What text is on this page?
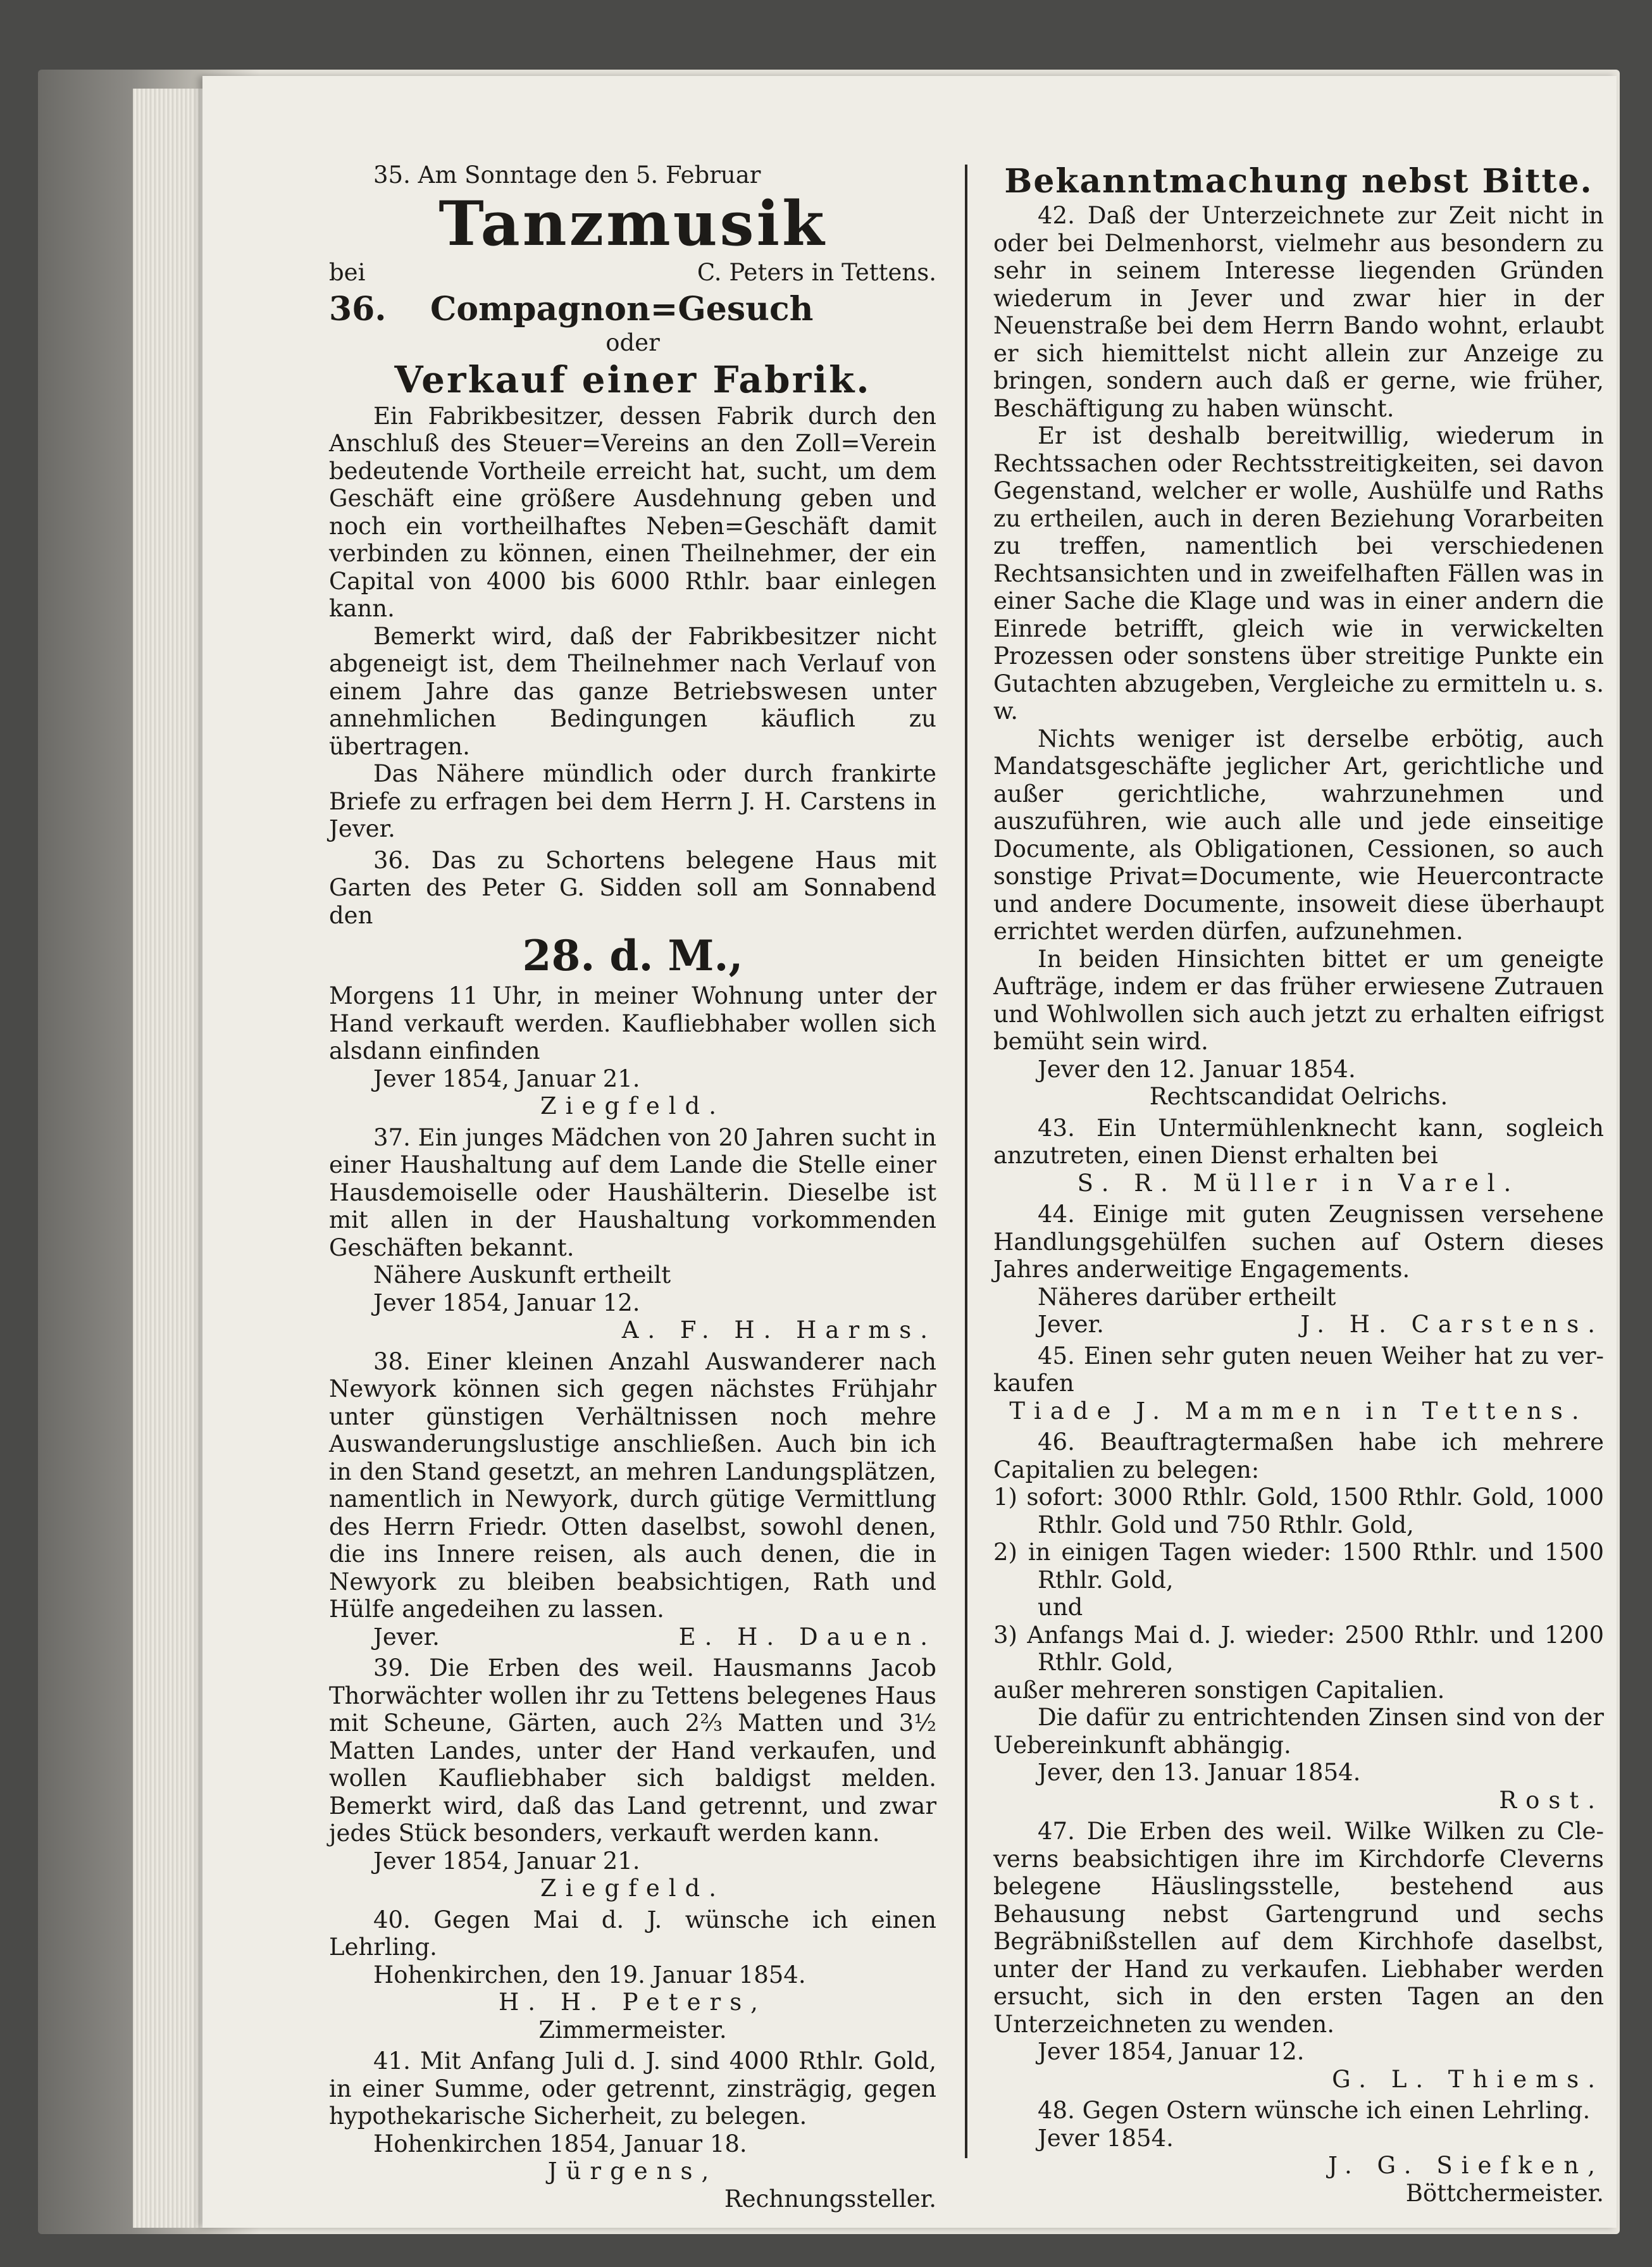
35. Am Sonntage den 5. Februar

Tanzmusik

bei	C. Peters in Tettens.
36.	Compagnon=Gesuch

oder

Verkauf einer Fabrik.

Ein Fabrikbesitzer, dessen Fabrik durch den Anschluß des Steuer=Vereins an den Zoll=Verein bedeutende Vortheile erreicht hat, sucht, um dem Geschäft eine größere Ausdehnung geben und noch ein vortheilhaftes Neben=Geschäft damit verbinden zu können, einen Theilnehmer, der ein Capital von 4000 bis 6000 Rthlr. baar einlegen kann.

Bemerkt wird, daß der Fabrikbesitzer nicht abgeneigt ist, dem Theilnehmer nach Verlauf von einem Jahre das ganze Betriebswesen unter annehmlichen Bedingungen käuflich zu übertragen.

Das Nähere mündlich oder durch frankirte Briefe zu erfragen bei dem Herrn J. H. Carstens in Jever.

36. Das zu Schortens belegene Haus mit Garten des Peter G. Sidden soll am Sonnabend den

28. d. M.,

Morgens 11 Uhr, in meiner Wohnung unter der Hand verkauft werden. Kaufliebhaber wollen sich alsdann einfinden

Jever 1854, Januar 21.

Ziegfeld.

37. Ein junges Mädchen von 20 Jahren sucht in einer Haushaltung auf dem Lande die Stelle einer Hausdemoiselle oder Haushälterin. Dieselbe ist mit allen in der Haushaltung vorkommenden Geschäften bekannt.

Nähere Auskunft ertheilt

Jever 1854, Januar 12.

A. F. H. Harms.

38. Einer kleinen Anzahl Auswanderer nach Newyork können sich gegen nächstes Frühjahr unter günstigen Verhältnissen noch mehre Auswanderungslustige anschließen. Auch bin ich in den Stand gesetzt, an mehren Landungsplätzen, namentlich in Newyork, durch gütige Vermittlung des Herrn Friedr. Otten daselbst, sowohl denen, die ins Innere reisen, als auch denen, die in Newyork zu bleiben beabsichtigen, Rath und Hülfe angedeihen zu lassen.

Jever.	E. H. Dauen.

39. Die Erben des weil. Hausmanns Jacob Thorwächter wollen ihr zu Tettens belegenes Haus mit Scheune, Gärten, auch 2⅔ Matten und 3½ Matten Landes, unter der Hand verkaufen, und wollen Kaufliebhaber sich baldigst melden. Bemerkt wird, daß das Land getrennt, und zwar jedes Stück besonders, verkauft werden kann.

Jever 1854, Januar 21.

Ziegfeld.

40. Gegen Mai d. J. wünsche ich einen Lehrling.

Hohenkirchen, den 19. Januar 1854.

H. H. Peters,

Zimmermeister.

41. Mit Anfang Juli d. J. sind 4000 Rthlr. Gold, in einer Summe, oder getrennt, zinsträgig, gegen hypothekarische Sicherheit, zu belegen.

Hohenkirchen 1854, Januar 18.

Jürgens,

Rechnungssteller.

Bekanntmachung nebst Bitte.

42. Daß der Unterzeichnete zur Zeit nicht in oder bei Delmenhorst, vielmehr aus besondern zu sehr in seinem Interesse liegenden Gründen wiederum in Jever und zwar hier in der Neuenstraße bei dem Herrn Bando wohnt, erlaubt er sich hiemittelst nicht allein zur Anzeige zu bringen, sondern auch daß er gerne, wie früher, Beschäftigung zu haben wünscht.

Er ist deshalb bereitwillig, wiederum in Rechtssachen oder Rechtsstreitigkeiten, sei davon Gegenstand, welcher er wolle, Aushülfe und Raths zu ertheilen, auch in deren Beziehung Vorarbeiten zu treffen, namentlich bei verschiedenen Rechtsansichten und in zweifelhaften Fällen was in einer Sache die Klage und was in einer andern die Einrede betrifft, gleich wie in verwickelten Prozessen oder sonstens über streitige Punkte ein Gutachten abzugeben, Vergleiche zu ermitteln u. s. w.

Nichts weniger ist derselbe erbötig, auch Mandatsgeschäfte jeglicher Art, gerichtliche und außer gerichtliche, wahrzunehmen und auszuführen, wie auch alle und jede einseitige Documente, als Obligationen, Cessionen, so auch sonstige Privat=Documente, wie Heuercontracte und andere Documente, insoweit diese überhaupt errichtet werden dürfen, aufzunehmen.

In beiden Hinsichten bittet er um geneigte Aufträge, indem er das früher erwiesene Zutrauen und Wohlwollen sich auch jetzt zu erhalten eifrigst bemüht sein wird.

Jever den 12. Januar 1854.

Rechtscandidat Oelrichs.

43. Ein Untermühlenknecht kann, sogleich anzutreten, einen Dienst erhalten bei

S. R. Müller in Varel.

44. Einige mit guten Zeugnissen versehene Handlungsgehülfen suchen auf Ostern dieses Jahres anderweitige Engagements.

Näheres darüber ertheilt

Jever.	J. H. Carstens.

45. Einen sehr guten neuen Weiher hat zu verkaufen

Tiade J. Mammen in Tettens.

46. Beauftragtermaßen habe ich mehrere Capitalien zu belegen:

1) sofort: 3000 Rthlr. Gold, 1500 Rthlr. Gold, 1000 Rthlr. Gold und 750 Rthlr. Gold,

2) in einigen Tagen wieder: 1500 Rthlr. und 1500 Rthlr. Gold,

und

3) Anfangs Mai d. J. wieder: 2500 Rthlr. und 1200 Rthlr. Gold,

außer mehreren sonstigen Capitalien.

Die dafür zu entrichtenden Zinsen sind von der Uebereinkunft abhängig.

Jever, den 13. Januar 1854.

Rost.

47. Die Erben des weil. Wilke Wilken zu Cleverns beabsichtigen ihre im Kirchdorfe Cleverns belegene Häuslingsstelle, bestehend aus Behausung nebst Gartengrund und sechs Begräbnißstellen auf dem Kirchhofe daselbst, unter der Hand zu verkaufen. Liebhaber werden ersucht, sich in den ersten Tagen an den Unterzeichneten zu wenden.

Jever 1854, Januar 12.

G. L. Thiems.

48. Gegen Ostern wünsche ich einen Lehrling.

Jever 1854.

J. G. Siefken,

Böttchermeister.
